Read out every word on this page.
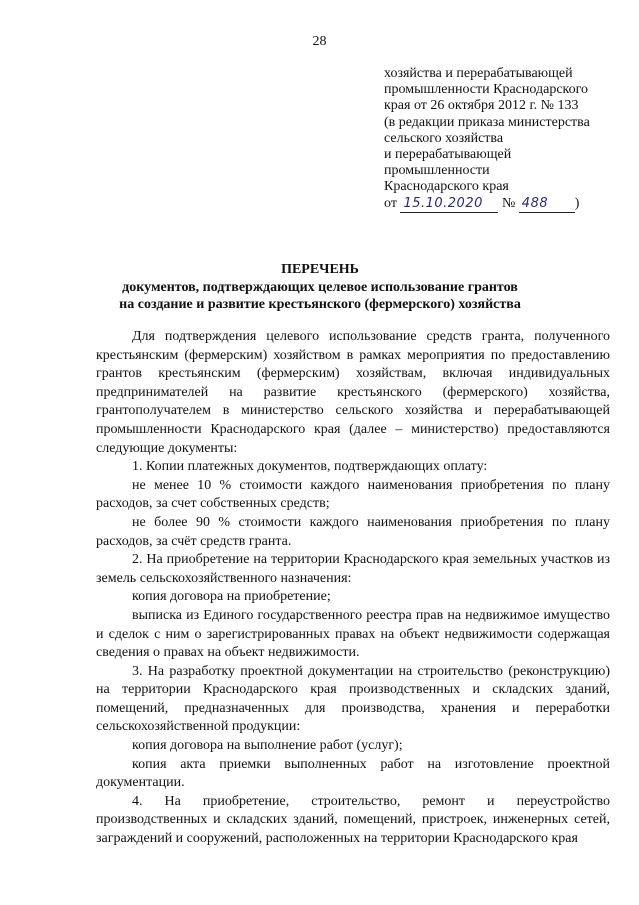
28
хозяйства и перерабатывающей
промышленности Краснодарского
края от 26 октября 2012 г. № 133
(в редакции приказа министерства
сельского хозяйства
и перерабатывающей
промышленности
Краснодарского края
от 15.10.2020 № 488 )
ПЕРЕЧЕНЬ
документов, подтверждающих целевое использование грантов
на создание и развитие крестьянского (фермерского) хозяйства

Для подтверждения целевого использование средств гранта, полученного крестьянским (фермерским) хозяйством в рамках мероприятия по предоставлению грантов крестьянским (фермерским) хозяйствам, включая индивидуальных предпринимателей на развитие крестьянского (фермерского) хозяйства, грантополучателем в министерство сельского хозяйства и перерабатывающей промышленности Краснодарского края (далее – министерство) предоставляются следующие документы:

1. Копии платежных документов, подтверждающих оплату:

не менее 10 % стоимости каждого наименования приобретения по плану расходов, за счет собственных средств;

не более 90 % стоимости каждого наименования приобретения по плану расходов, за счёт средств гранта.

2. На приобретение на территории Краснодарского края земельных участков из земель сельскохозяйственного назначения:

копия договора на приобретение;

выписка из Единого государственного реестра прав на недвижимое имущество и сделок с ним о зарегистрированных правах на объект недвижимости содержащая сведения о правах на объект недвижимости.

3. На разработку проектной документации на строительство (реконструкцию) на территории Краснодарского края производственных и складских зданий, помещений, предназначенных для производства, хранения и переработки сельскохозяйственной продукции:

копия договора на выполнение работ (услуг);

копия акта приемки выполненных работ на изготовление проектной документации.

4. На приобретение, строительство, ремонт и переустройство производственных и складских зданий, помещений, пристроек, инженерных сетей, заграждений и сооружений, расположенных на территории Краснодарского края
